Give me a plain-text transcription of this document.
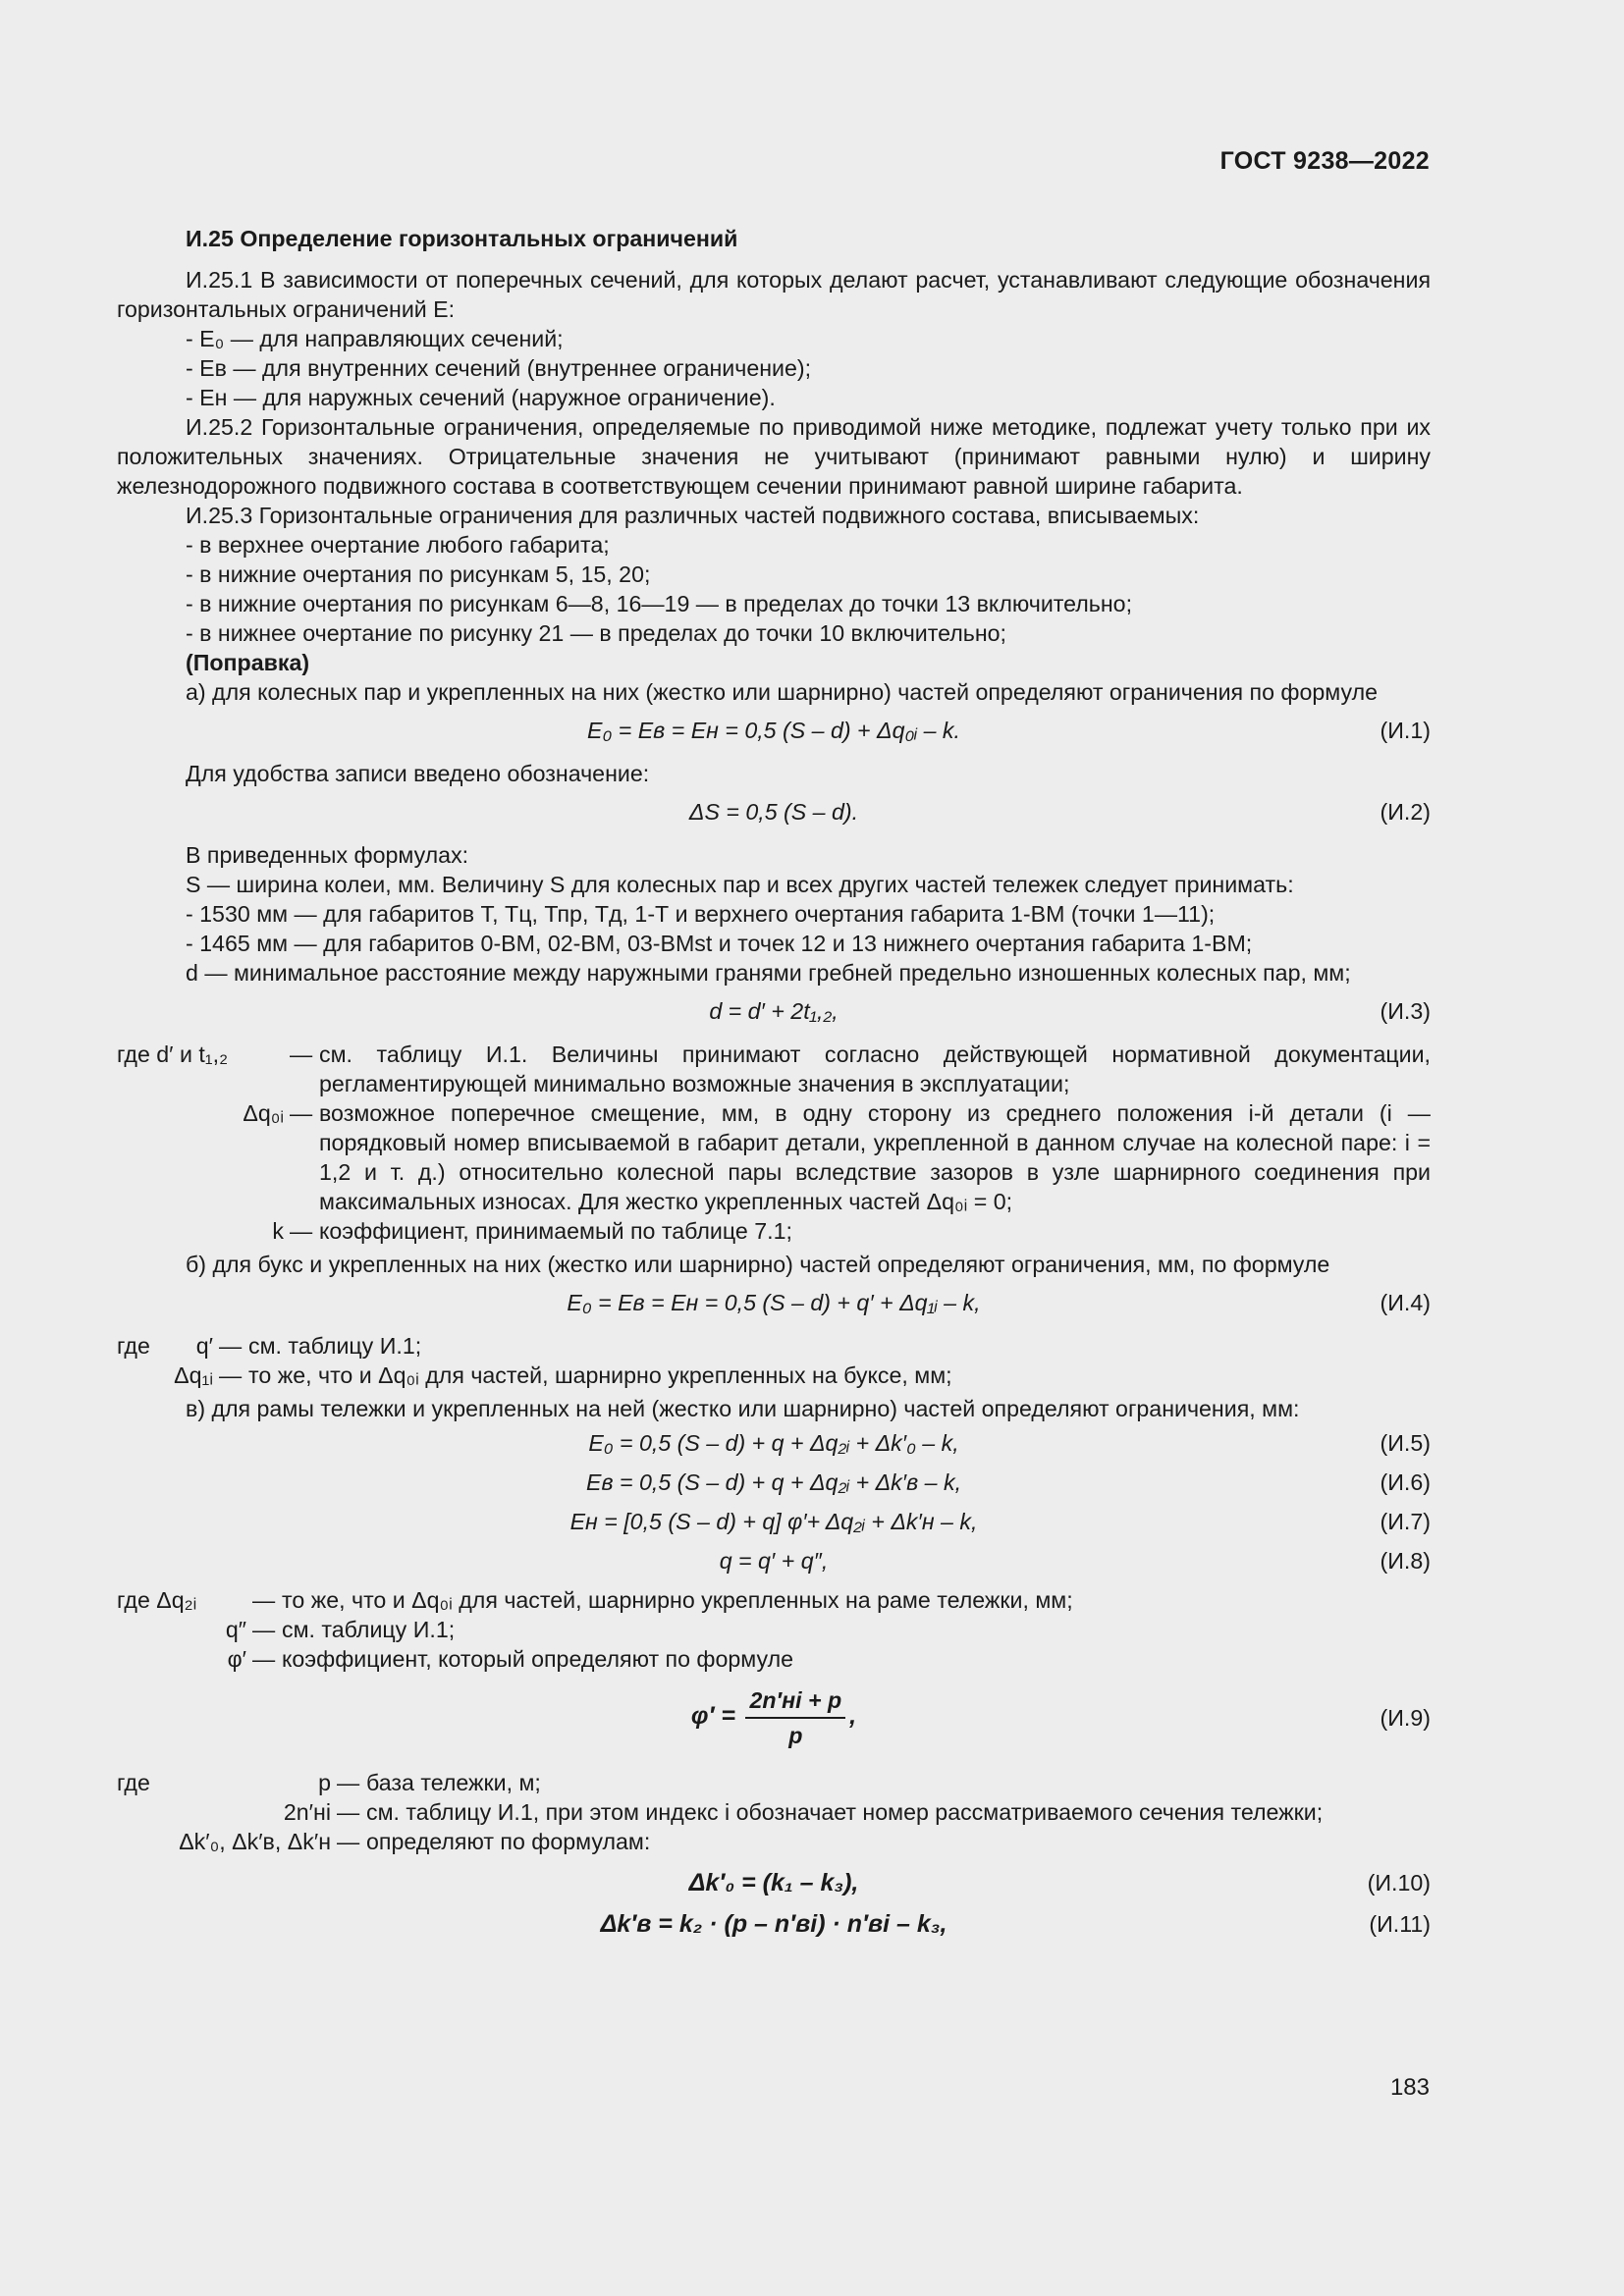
ГОСТ 9238—2022

И.25 Определение горизонтальных ограничений

И.25.1 В зависимости от поперечных сечений, для которых делают расчет, устанавливают следующие обозначения горизонтальных ограничений E:

- E₀ — для направляющих сечений;
- Eв — для внутренних сечений (внутреннее ограничение);
- Eн — для наружных сечений (наружное ограничение).

И.25.2 Горизонтальные ограничения, определяемые по приводимой ниже методике, подлежат учету только при их положительных значениях. Отрицательные значения не учитывают (принимают равными нулю) и ширину железнодорожного подвижного состава в соответствующем сечении принимают равной ширине габарита.

И.25.3 Горизонтальные ограничения для различных частей подвижного состава, вписываемых:

- в верхнее очертание любого габарита;
- в нижние очертания по рисункам 5, 15, 20;
- в нижние очертания по рисункам 6—8, 16—19 — в пределах до точки 13 включительно;
- в нижнее очертание по рисунку 21 — в пределах до точки 10 включительно;
(Поправка)

а) для колесных пар и укрепленных на них (жестко или шарнирно) частей определяют ограничения по формуле

E₀ = Eв = Eн = 0,5 (S – d) + Δq₀ᵢ – k.	(И.1)

Для удобства записи введено обозначение:

ΔS = 0,5 (S – d).	(И.2)
В приведенных формулах:
S — ширина колеи, мм. Величину S для колесных пар и всех других частей тележек следует принимать:
- 1530 мм — для габаритов Т, Тц, Тпр, Тд, 1-Т и верхнего очертания габарита 1-ВМ (точки 1—11);
- 1465 мм — для габаритов 0-ВМ, 02-ВМ, 03-ВМst и точек 12 и 13 нижнего очертания габарита 1-ВМ;
d — минимальное расстояние между наружными гранями гребней предельно изношенных колесных пар, мм;
d = d′ + 2t₁,₂,	(И.3)
где d′ и t₁,₂	—	см. таблицу И.1. Величины принимают согласно действующей нормативной документации, регламентирующей минимально возможные значения в эксплуатации;
Δq₀ᵢ	—	возможное поперечное смещение, мм, в одну сторону из среднего положения i-й детали (i — порядковый номер вписываемой в габарит детали, укрепленной в данном случае на колесной паре: i = 1,2 и т. д.) относительно колесной пары вследствие зазоров в узле шарнирного соединения при максимальных износах. Для жестко укрепленных частей Δq₀ᵢ = 0;
k	—	коэффициент, принимаемый по таблице 7.1;

б) для букс и укрепленных на них (жестко или шарнирно) частей определяют ограничения, мм, по формуле

E₀ = Eв = Eн = 0,5 (S – d) + q′ + Δq₁ᵢ – k,	(И.4)
где	q′	—	см. таблицу И.1;
	Δq₁ᵢ	—	то же, что и Δq₀ᵢ для частей, шарнирно укрепленных на буксе, мм;

в) для рамы тележки и укрепленных на ней (жестко или шарнирно) частей определяют ограничения, мм:

E₀ = 0,5 (S – d) + q + Δq₂ᵢ + Δk′₀ – k,	(И.5)
Eв = 0,5 (S – d) + q + Δq₂ᵢ + Δk′в – k,	(И.6)
Eн = [0,5 (S – d) + q] φ′+ Δq₂ᵢ + Δk′н – k,	(И.7)
q = q′ + q″,	(И.8)
где Δq₂ᵢ	—	то же, что и Δq₀ᵢ для частей, шарнирно укрепленных на раме тележки, мм;
q″	—	см. таблицу И.1;
φ′	—	коэффициент, который определяют по формуле
$\varphi' = \frac{2n'нi + p}{p}$ ,	(И.9)
где	p	—	база тележки, м;
	2n′нi	—	см. таблицу И.1, при этом индекс i обозначает номер рассматриваемого сечения тележки;
	Δk′₀, Δk′в, Δk′н	—	определяют по формулам:
Δk′₀ = (k₁ – k₃),	(И.10)
Δk′в = k₂ · (p – n′вi) · n′вi – k₃,	(И.11)
183
